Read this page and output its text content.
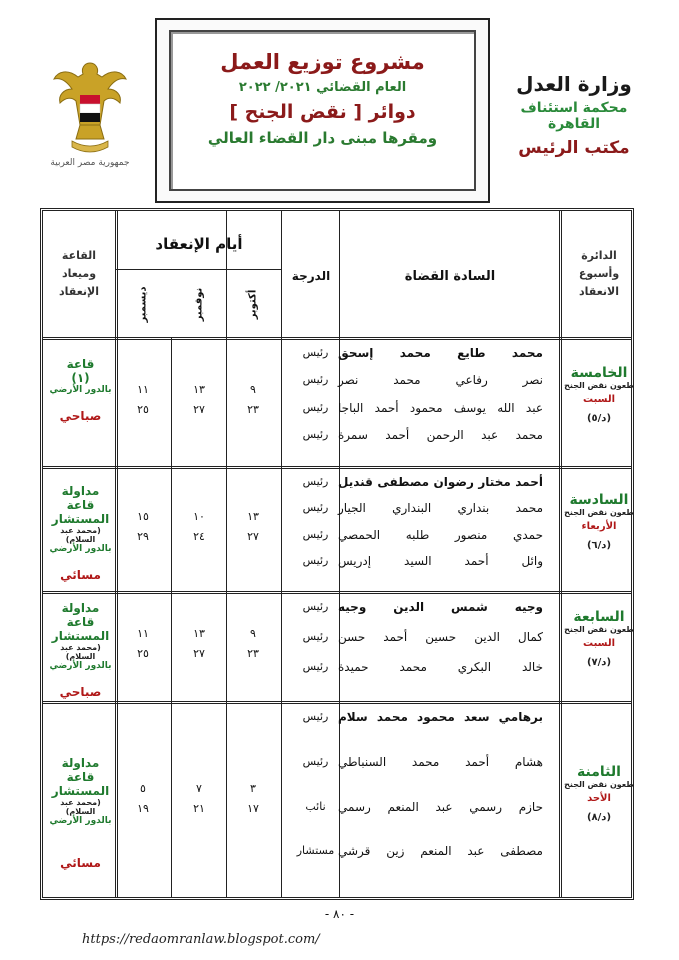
جمهورية مصر العربية
وزارة العدل
محكمة استئناف القاهرة
مكتب الرئيس
مشروع توزيع العمل
العام القضائي ٢٠٢١/ ٢٠٢٢
دوائر [ نقض الجنح ]
ومقرها مبنى دار القضاء العالي
الدائرة
وأسبوع
الانعقاد
السادة القضاة
الدرجة
أيام الإنعقاد
أكتوبر
نوفمبر
ديسمبر
القاعة
وميعاد
الإنعقاد
الخامسة
طعون نقض الجنح
السبت
(د/٥)
محمد طايع محمد إسحق
رئيس
نصر رفاعي محمد نصر
رئيس
عبد الله يوسف محمود أحمد الباجا
رئيس
محمد عبد الرحمن أحمد سمرة
رئيس
٩
٢٣
١٣
٢٧
١١
٢٥
قاعة
(١)
بالدور الأرضي
صباحي
السادسة
طعون نقض الجنح
الأربعاء
(د/٦)
أحمد مختار رضوان مصطفى قنديل
رئيس
محمد بنداري البنداري الجيار
رئيس
حمدي منصور طلبه الحمصي
رئيس
وائل أحمد السيد إدريس
رئيس
١٣
٢٧
١٠
٢٤
١٥
٢٩
مداولة قاعة
المستشار
(محمد عبد السلام)
بالدور الأرضي
مسائي
السابعة
طعون نقض الجنح
السبت
(د/٧)
وجيه شمس الدين وجيه
رئيس
كمال الدين حسين أحمد حسن
رئيس
خالد البكري محمد حميدة
رئيس
٩
٢٣
١٣
٢٧
١١
٢٥
مداولة قاعة
المستشار
(محمد عبد السلام)
بالدور الأرضي
صباحي
الثامنة
طعون نقض الجنح
الأحد
(د/٨)
برهامي سعد محمود محمد سلام
رئيس
هشام أحمد محمد السنباطي
رئيس
حازم رسمي عبد المنعم رسمي
نائب
مصطفى عبد المنعم زين قرشي
مستشار
٣
١٧
٧
٢١
٥
١٩
مداولة قاعة
المستشار
(محمد عبد السلام)
بالدور الأرضي
مسائي
- ٨٠ -
https://redaomranlaw.blogspot.com/
